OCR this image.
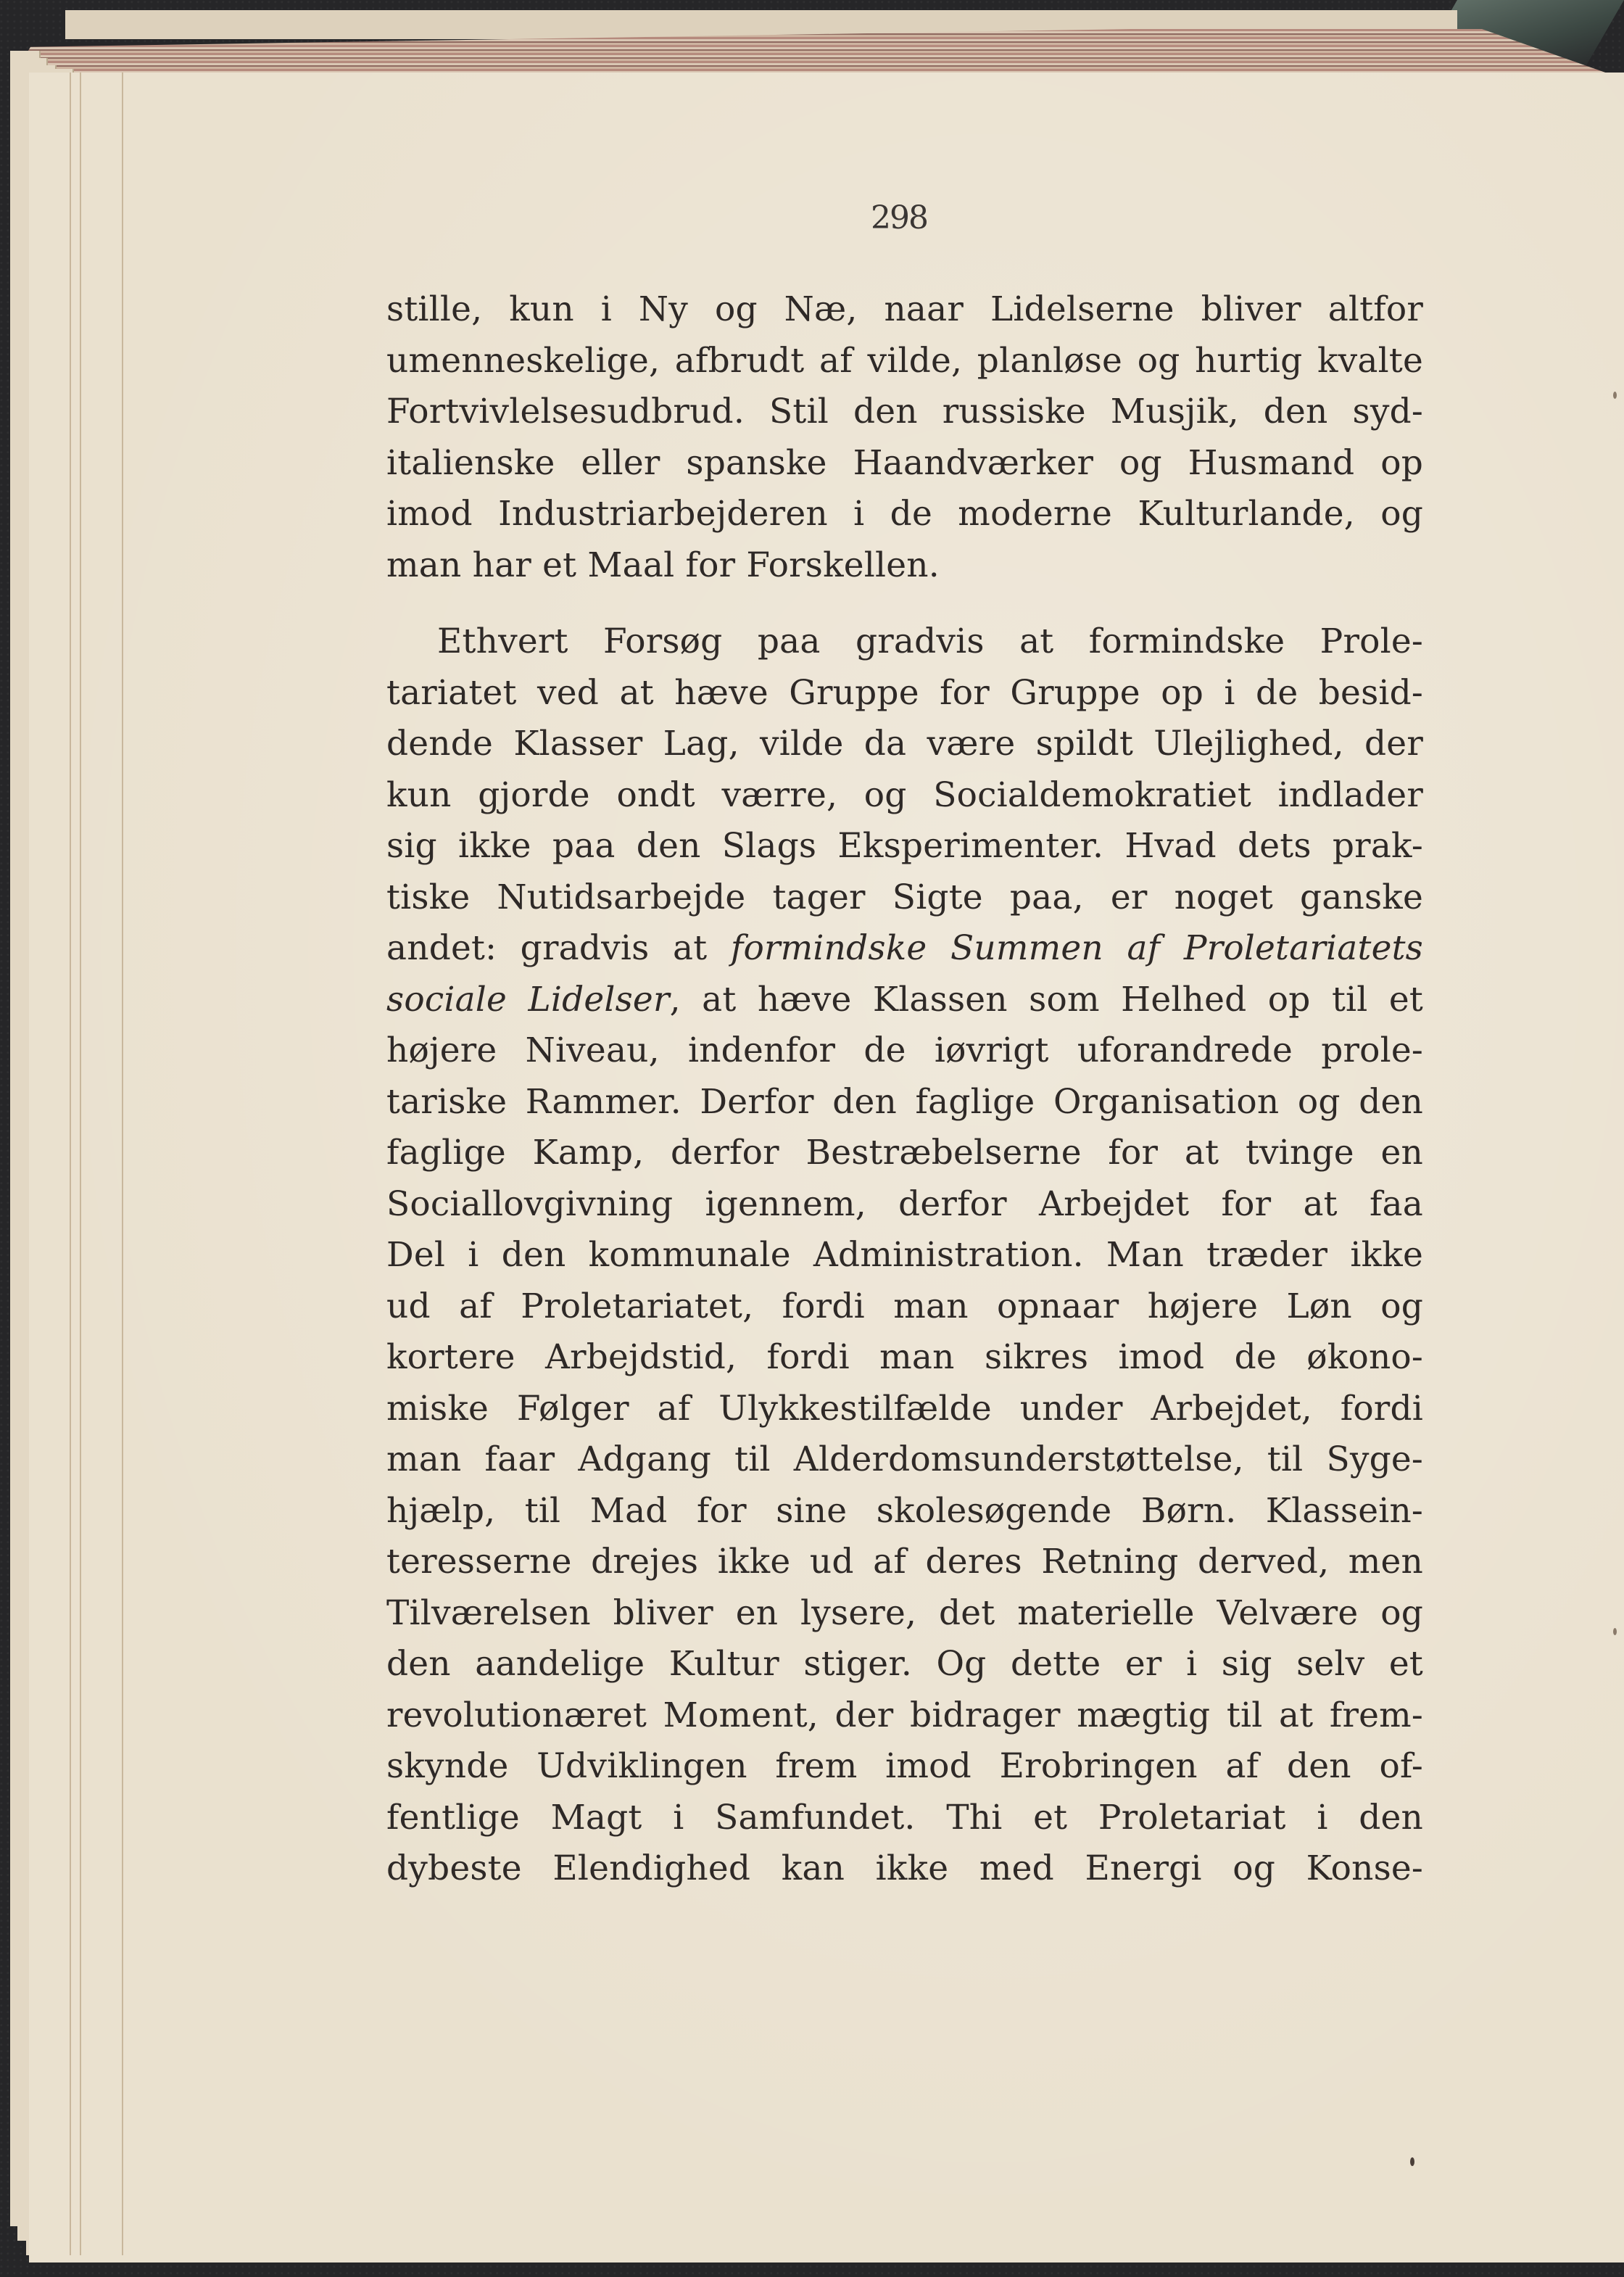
298
stille, kun i Ny og Næ, naar Lidelserne bliver altfor
umenneskelige, afbrudt af vilde, planløse og hurtig kvalte
Fortvivlelsesudbrud. Stil den russiske Musjik, den syd-
italienske eller spanske Haandværker og Husmand op
imod Industriarbejderen i de moderne Kulturlande, og
man har et Maal for Forskellen.
Ethvert Forsøg paa gradvis at formindske Prole-
tariatet ved at hæve Gruppe for Gruppe op i de besid-
dende Klasser Lag, vilde da være spildt Ulejlighed, der
kun gjorde ondt værre, og Socialdemokratiet indlader
sig ikke paa den Slags Eksperimenter. Hvad dets prak-
tiske Nutidsarbejde tager Sigte paa, er noget ganske
andet: gradvis at formindske Summen af Proletariatets
sociale Lidelser, at hæve Klassen som Helhed op til et
højere Niveau, indenfor de iøvrigt uforandrede prole-
tariske Rammer. Derfor den faglige Organisation og den
faglige Kamp, derfor Bestræbelserne for at tvinge en
Sociallovgivning igennem, derfor Arbejdet for at faa
Del i den kommunale Administration. Man træder ikke
ud af Proletariatet, fordi man opnaar højere Løn og
kortere Arbejdstid, fordi man sikres imod de økono-
miske Følger af Ulykkestilfælde under Arbejdet, fordi
man faar Adgang til Alderdomsunderstøttelse, til Syge-
hjælp, til Mad for sine skolesøgende Børn. Klassein-
teresserne drejes ikke ud af deres Retning derved, men
Tilværelsen bliver en lysere, det materielle Velvære og
den aandelige Kultur stiger. Og dette er i sig selv et
revolutionæret Moment, der bidrager mægtig til at frem-
skynde Udviklingen frem imod Erobringen af den of-
fentlige Magt i Samfundet. Thi et Proletariat i den
dybeste Elendighed kan ikke med Energi og Konse-
